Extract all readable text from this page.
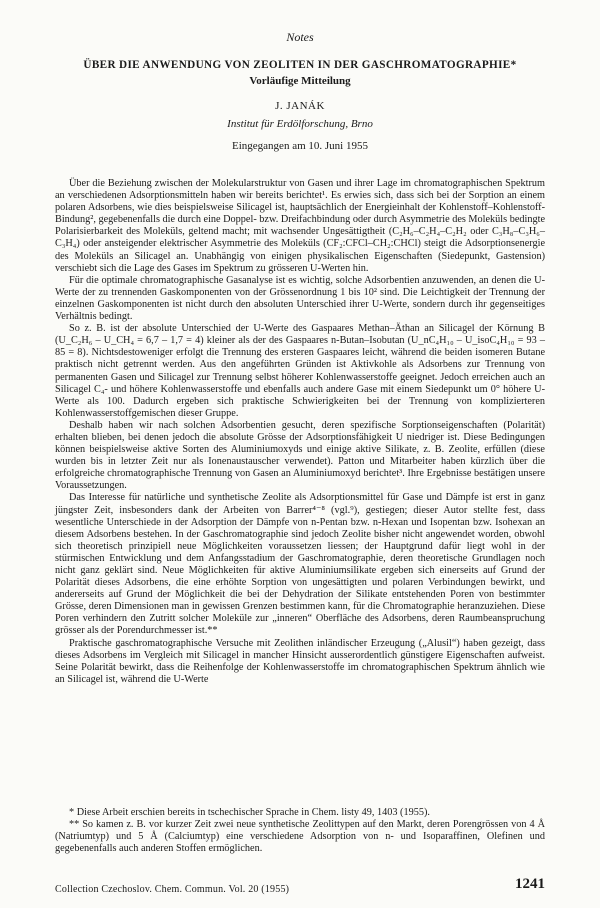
Notes
ÜBER DIE ANWENDUNG VON ZEOLITEN IN DER GASCHROMATOGRAPHIE*
Vorläufige Mitteilung
J. JANÁK
Institut für Erdölforschung, Brno
Eingegangen am 10. Juni 1955

Über die Beziehung zwischen der Molekularstruktur von Gasen und ihrer Lage im chromatographischen Spektrum an verschiedenen Adsorptionsmitteln haben wir bereits berichtet¹. Es erwies sich, dass sich bei der Sorption an einem polaren Adsorbens, wie dies beispielsweise Silicagel ist, hauptsächlich der Energieinhalt der Kohlenstoff–Kohlenstoff-Bindung², gegebenenfalls die durch eine Doppel- bzw. Dreifachbindung oder durch Asymmetrie des Moleküls bedingte Polarisierbarkeit des Moleküls, geltend macht; mit wachsender Ungesättigtheit (C₂H₆–C₂H₄–C₂H₂ oder C₃H₈–C₃H₆–C₃H₄) oder ansteigender elektrischer Asymmetrie des Moleküls (CF₂:CFCl–CH₂:CHCl) steigt die Adsorptionsenergie des Moleküls an Silicagel an. Unabhängig von einigen physikalischen Eigenschaften (Siedepunkt, Gastension) verschiebt sich die Lage des Gases im Spektrum zu grösseren U-Werten hin.

Für die optimale chromatographische Gasanalyse ist es wichtig, solche Adsorbentien anzuwenden, an denen die U-Werte der zu trennenden Gaskomponenten von der Grössenordnung 1 bis 10² sind. Die Leichtigkeit der Trennung der einzelnen Gaskomponenten ist nicht durch den absoluten Unterschied ihrer U-Werte, sondern durch ihr gegenseitiges Verhältnis bedingt.

So z. B. ist der absolute Unterschied der U-Werte des Gaspaares Methan–Äthan an Silicagel der Körnung B (U_C₂H₆ – U_CH₄ = 6,7 – 1,7 = 4) kleiner als der des Gaspaares n-Butan–Isobutan (U_nC₄H₁₀ – U_isoC₄H₁₀ = 93 – 85 = 8). Nichtsdestoweniger erfolgt die Trennung des ersteren Gaspaares leicht, während die beiden isomeren Butane praktisch nicht getrennt werden. Aus den angeführten Gründen ist Aktivkohle als Adsorbens zur Trennung von permanenten Gasen und Silicagel zur Trennung selbst höherer Kohlenwasserstoffe geeignet. Jedoch erreichen auch an Silicagel C₄- und höhere Kohlenwasserstoffe und ebenfalls auch andere Gase mit einem Siedepunkt um 0° höhere U-Werte als 100. Dadurch ergeben sich praktische Schwierigkeiten bei der Trennung von komplizierteren Kohlenwasserstoffgemischen dieser Gruppe.

Deshalb haben wir nach solchen Adsorbentien gesucht, deren spezifische Sorptionseigenschaften (Polarität) erhalten blieben, bei denen jedoch die absolute Grösse der Adsorptionsfähigkeit U niedriger ist. Diese Bedingungen können beispielsweise aktive Sorten des Aluminiumoxyds und einige aktive Silikate, z. B. Zeolite, erfüllen (diese wurden bis in letzter Zeit nur als Ionenaustauscher verwendet). Patton und Mitarbeiter haben kürzlich über die erfolgreiche chromatographische Trennung von Gasen an Aluminiumoxyd berichtet³. Ihre Ergebnisse bestätigen unsere Voraussetzungen.

Das Interesse für natürliche und synthetische Zeolite als Adsorptionsmittel für Gase und Dämpfe ist erst in ganz jüngster Zeit, insbesonders dank der Arbeiten von Barrer⁴⁻⁸ (vgl.⁹), gestiegen; dieser Autor stellte fest, dass wesentliche Unterschiede in der Adsorption der Dämpfe von n-Pentan bzw. n-Hexan und Isopentan bzw. Isohexan an diesem Adsorbens bestehen. In der Gaschromatographie sind jedoch Zeolite bisher nicht angewendet worden, obwohl sich theoretisch prinzipiell neue Möglichkeiten voraussetzen liessen; der Hauptgrund dafür liegt wohl in der stürmischen Entwicklung und dem Anfangsstadium der Gaschromatographie, deren theoretische Grundlagen noch nicht ganz geklärt sind. Neue Möglichkeiten für aktive Aluminiumsilikate ergeben sich einerseits auf Grund der Polarität dieses Adsorbens, die eine erhöhte Sorption von ungesättigten und polaren Verbindungen bewirkt, und andererseits auf Grund der Möglichkeit die bei der Dehydration der Silikate entstehenden Poren von bestimmter Grösse, deren Dimensionen man in gewissen Grenzen bestimmen kann, für die Chromatographie heranzuziehen. Diese Poren verhindern den Zutritt solcher Moleküle zur „inneren“ Oberfläche des Adsorbens, deren Raumbeanspruchung grösser als der Porendurchmesser ist.**

Praktische gaschromatographische Versuche mit Zeolithen inländischer Erzeugung („Alusil“) haben gezeigt, dass dieses Adsorbens im Vergleich mit Silicagel in mancher Hinsicht ausserordentlich günstigere Eigenschaften aufweist. Seine Polarität bewirkt, dass die Reihenfolge der Kohlenwasserstoffe im chromatographischen Spektrum ähnlich wie an Silicagel ist, während die U-Werte

* Diese Arbeit erschien bereits in tschechischer Sprache in Chem. listy 49, 1403 (1955).

** So kamen z. B. vor kurzer Zeit zwei neue synthetische Zeolittypen auf den Markt, deren Porengrössen von 4 Å (Natriumtyp) und 5 Å (Calciumtyp) eine verschiedene Adsorption von n- und Isoparaffinen, Olefinen und gegebenenfalls auch anderen Stoffen ermöglichen.

Collection Czechoslov. Chem. Commun. Vol. 20 (1955)	1241
